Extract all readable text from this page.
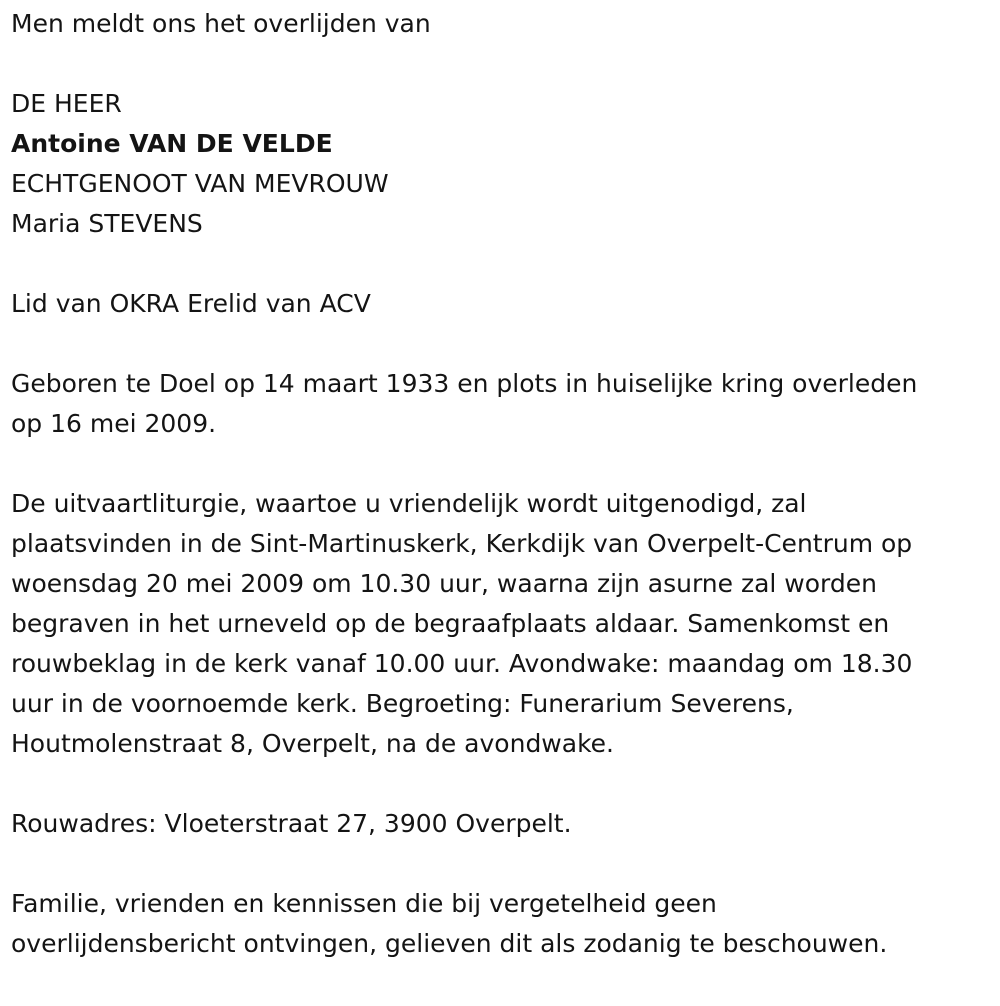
Men meldt ons het overlijden van
DE HEER
Antoine VAN DE VELDE
ECHTGENOOT VAN MEVROUW
Maria STEVENS
Lid van OKRA Erelid van ACV
Geboren te Doel op 14 maart 1933 en plots in huiselijke kring overleden
op 16 mei 2009.
De uitvaartliturgie, waartoe u vriendelijk wordt uitgenodigd, zal
plaatsvinden in de Sint-Martinuskerk, Kerkdijk van Overpelt-Centrum op
woensdag 20 mei 2009 om 10.30 uur, waarna zijn asurne zal worden
begraven in het urneveld op de begraafplaats aldaar. Samenkomst en
rouwbeklag in de kerk vanaf 10.00 uur. Avondwake: maandag om 18.30
uur in de voornoemde kerk. Begroeting: Funerarium Severens,
Houtmolenstraat 8, Overpelt, na de avondwake.
Rouwadres: Vloeterstraat 27, 3900 Overpelt.
Familie, vrienden en kennissen die bij vergetelheid geen
overlijdensbericht ontvingen, gelieven dit als zodanig te beschouwen.
